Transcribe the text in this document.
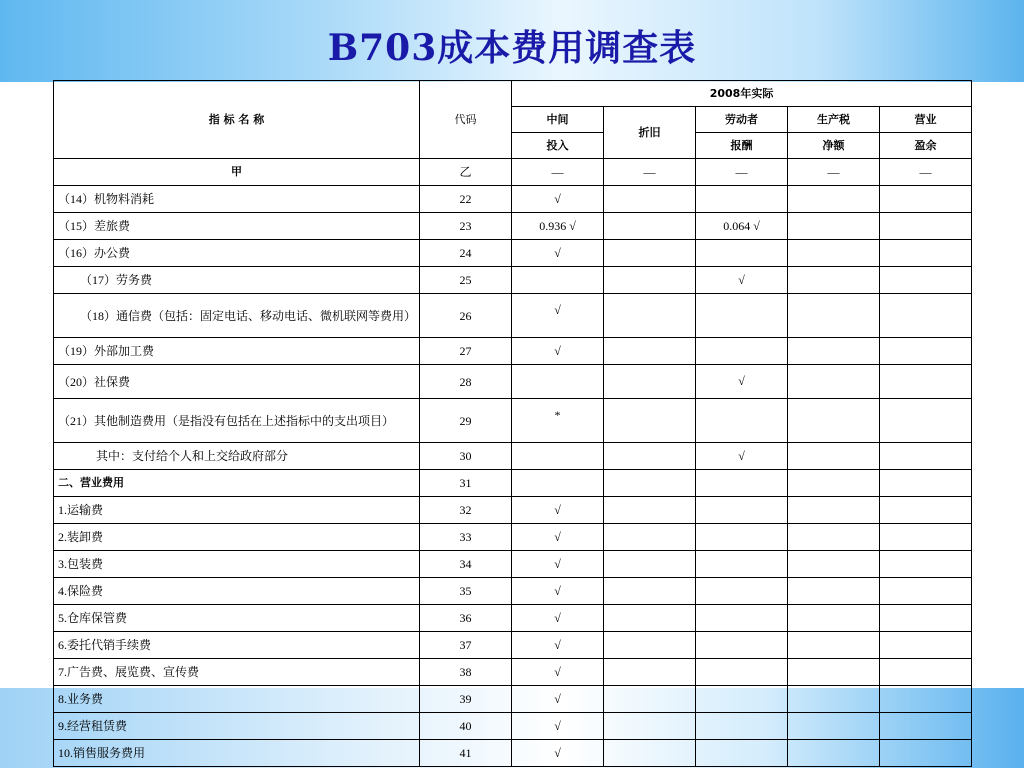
B703成本费用调查表
指 标 名 称	代码	2008年实际				
		中间	折旧	劳动者	生产税	营业
		投入		报酬	净额	盈余
甲	乙	—	—	—	—	—
（14）机物料消耗	22	√				
（15）差旅费	23	0.936 √		0.064 √		
（16）办公费	24	√				
（17）劳务费	25			√		
（18）通信费（包括：固定电话、移动电话、微机联网等费用）	26	√				
（19）外部加工费	27	√				
（20）社保费	28			√		
（21）其他制造费用（是指没有包括在上述指标中的支出项目）	29	*				
其中：支付给个人和上交给政府部分	30			√		
二、营业费用	31					
1.运输费	32	√				
2.装卸费	33	√				
3.包装费	34	√				
4.保险费	35	√				
5.仓库保管费	36	√				
6.委托代销手续费	37	√				
7.广告费、展览费、宣传费	38	√				
8.业务费	39	√				
9.经营租赁费	40	√				
10.销售服务费用	41	√				
